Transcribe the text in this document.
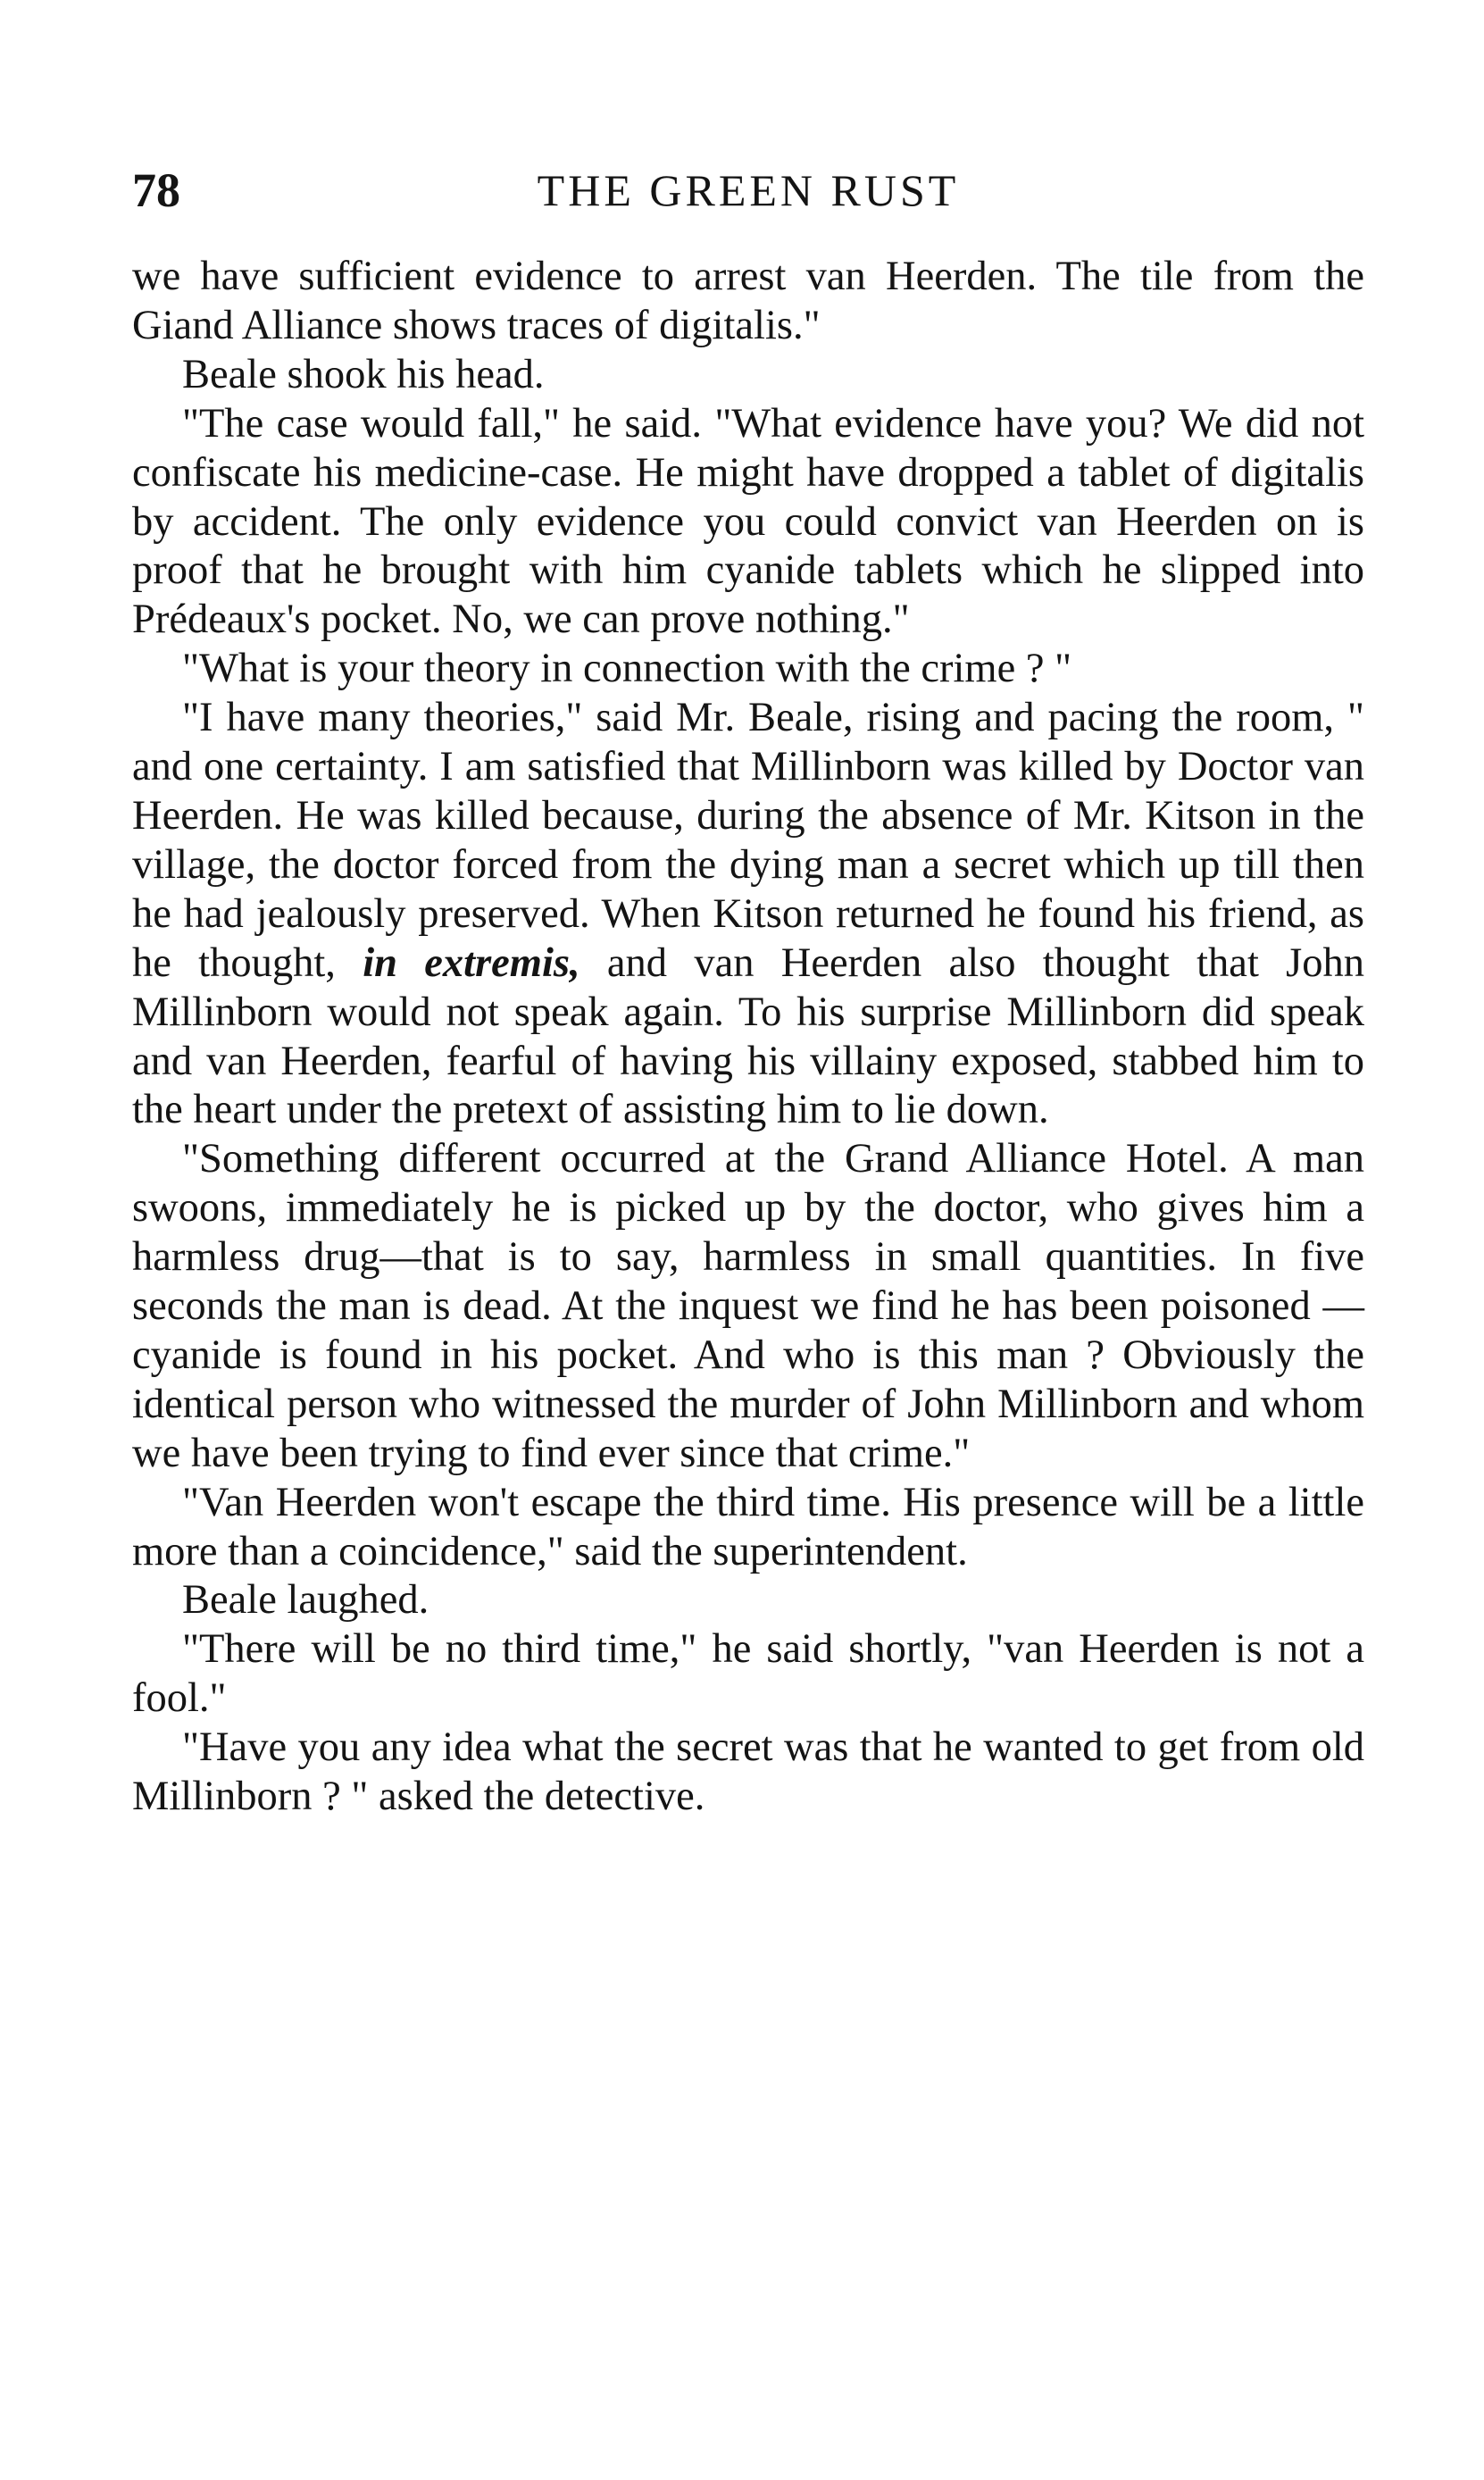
78	THE GREEN RUST

we have sufficient evidence to arrest van Heerden. The tile from the Giand Alliance shows traces of digitalis."

Beale shook his head.

"The case would fall," he said. "What evidence have you? We did not confiscate his medicine-case. He might have dropped a tablet of digitalis by accident. The only evidence you could convict van Heerden on is proof that he brought with him cyanide tablets which he slipped into Prédeaux's pocket. No, we can prove nothing."

"What is your theory in connection with the crime ? "

"I have many theories," said Mr. Beale, rising and pacing the room, " and one certainty. I am satisfied that Millinborn was killed by Doctor van Heerden. He was killed because, during the absence of Mr. Kitson in the village, the doctor forced from the dying man a secret which up till then he had jealously preserved. When Kitson returned he found his friend, as he thought, in extremis, and van Heerden also thought that John Millinborn would not speak again. To his surprise Millinborn did speak and van Heerden, fearful of having his villainy exposed, stabbed him to the heart under the pretext of assisting him to lie down.

"Something different occurred at the Grand Alliance Hotel. A man swoons, immediately he is picked up by the doctor, who gives him a harmless drug—that is to say, harmless in small quantities. In five seconds the man is dead. At the inquest we find he has been poisoned —cyanide is found in his pocket. And who is this man ? Obviously the identical person who witnessed the murder of John Millinborn and whom we have been trying to find ever since that crime."

"Van Heerden won't escape the third time. His presence will be a little more than a coincidence," said the superintendent.

Beale laughed.

"There will be no third time," he said shortly, "van Heerden is not a fool."

"Have you any idea what the secret was that he wanted to get from old Millinborn ? " asked the detective.
